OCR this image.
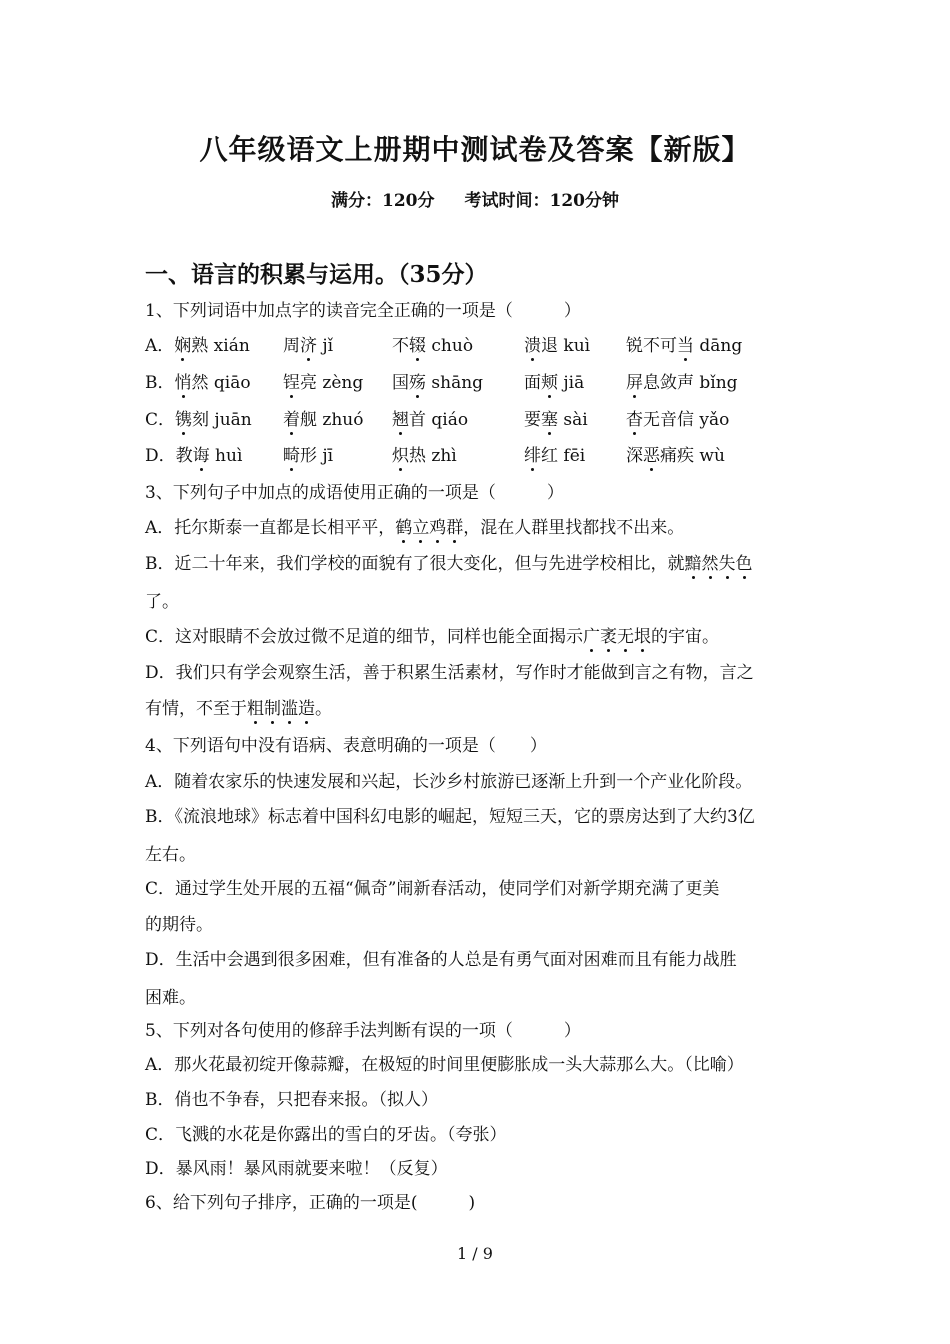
八年级语文上册期中测试卷及答案【新版】
满分：120分 考试时间：120分钟
一、语言的积累与运用。（35分）
1、下列词语中加点字的读音完全正确的一项是（　　　）
A．娴熟 xián 周济 jǐ	不辍 chuò	溃退 kuì 锐不可当 dāng
B．悄然 qiāo 锃亮 zèng 国殇 shāng 面颊 jiā 屏息敛声 bǐng
C．镌刻 juān 着舰 zhuó 翘首 qiáo	要塞 sài 杳无音信 yǎo
D．教诲 huì 畸形 jī	炽热 zhì	绯红 fēi 深恶痛疾 wù
3、下列句子中加点的成语使用正确的一项是（　　　）
A．托尔斯泰一直都是长相平平，鹤立鸡群，混在人群里找都找不出来。
B．近二十年来，我们学校的面貌有了很大变化，但与先进学校相比，就黯然失色
了。
C．这对眼睛不会放过微不足道的细节，同样也能全面揭示广袤无垠的宇宙。
D．我们只有学会观察生活，善于积累生活素材，写作时才能做到言之有物，言之
有情，不至于粗制滥造。
4、下列语句中没有语病、表意明确的一项是（　　）
A．随着农家乐的快速发展和兴起，长沙乡村旅游已逐渐上升到一个产业化阶段。
B．《流浪地球》标志着中国科幻电影的崛起，短短三天，它的票房达到了大约3亿
左右。
C．通过学生处开展的五福“佩奇”闹新春活动，使同学们对新学期充满了更美
的期待。
D．生活中会遇到很多困难，但有准备的人总是有勇气面对困难而且有能力战胜
困难。
5、下列对各句使用的修辞手法判断有误的一项（　　　）
A．那火花最初绽开像蒜瓣，在极短的时间里便膨胀成一头大蒜那么大。（比喻）
B．俏也不争春，只把春来报。（拟人）
C．飞溅的水花是你露出的雪白的牙齿。（夸张）
D．暴风雨！暴风雨就要来啦！（反复）
6、给下列句子排序，正确的一项是(　　　)
1 / 9
